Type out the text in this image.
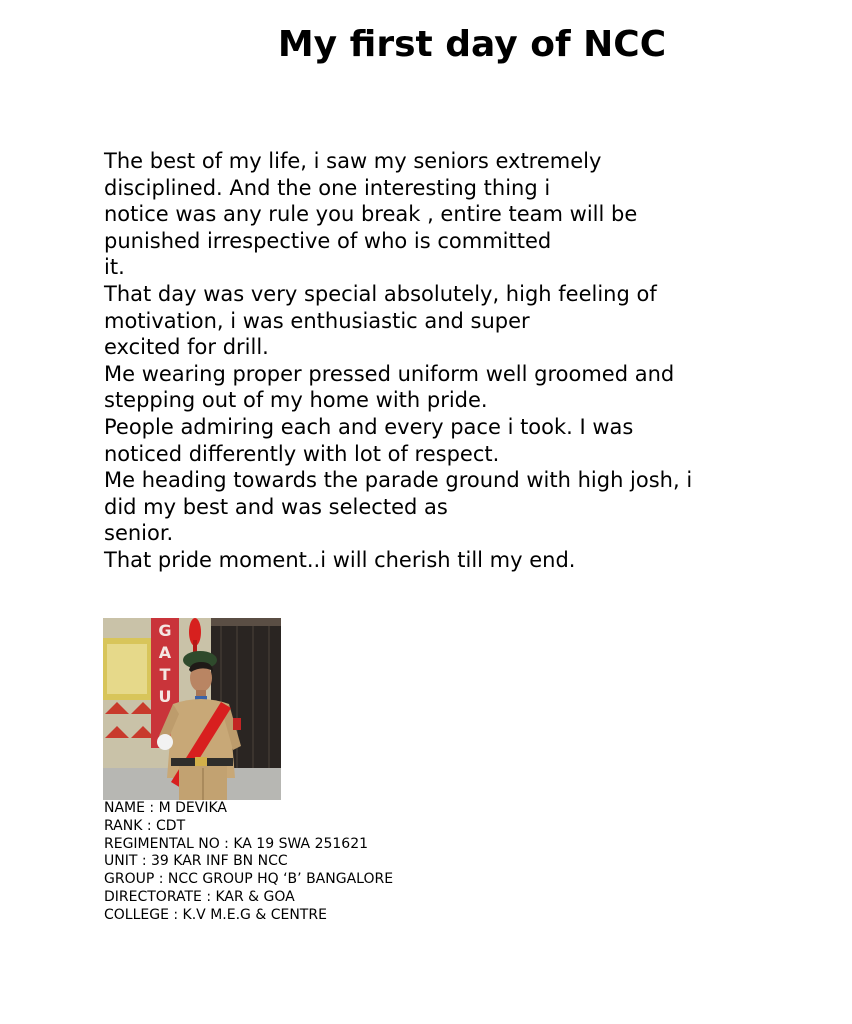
My first day of NCC
The best of my life, i saw my seniors extremely
disciplined. And the one interesting thing i
notice was any rule you break , entire team will be
punished irrespective of who is committed
it.
That day was very special absolutely, high feeling of
motivation, i was enthusiastic and super
excited for drill.
Me wearing proper pressed uniform well groomed and
stepping out of my home with pride.
People admiring each and every pace i took. I was
noticed differently with lot of respect.
Me heading towards the parade ground with high josh, i
did my best and was selected as
senior.
That pride moment..i will cherish till my end.
G A T U
NAME : M DEVIKA
RANK : CDT
REGIMENTAL NO : KA 19 SWA 251621
UNIT : 39 KAR INF BN NCC
GROUP : NCC GROUP HQ ‘B’ BANGALORE
DIRECTORATE : KAR & GOA
COLLEGE : K.V M.E.G & CENTRE
